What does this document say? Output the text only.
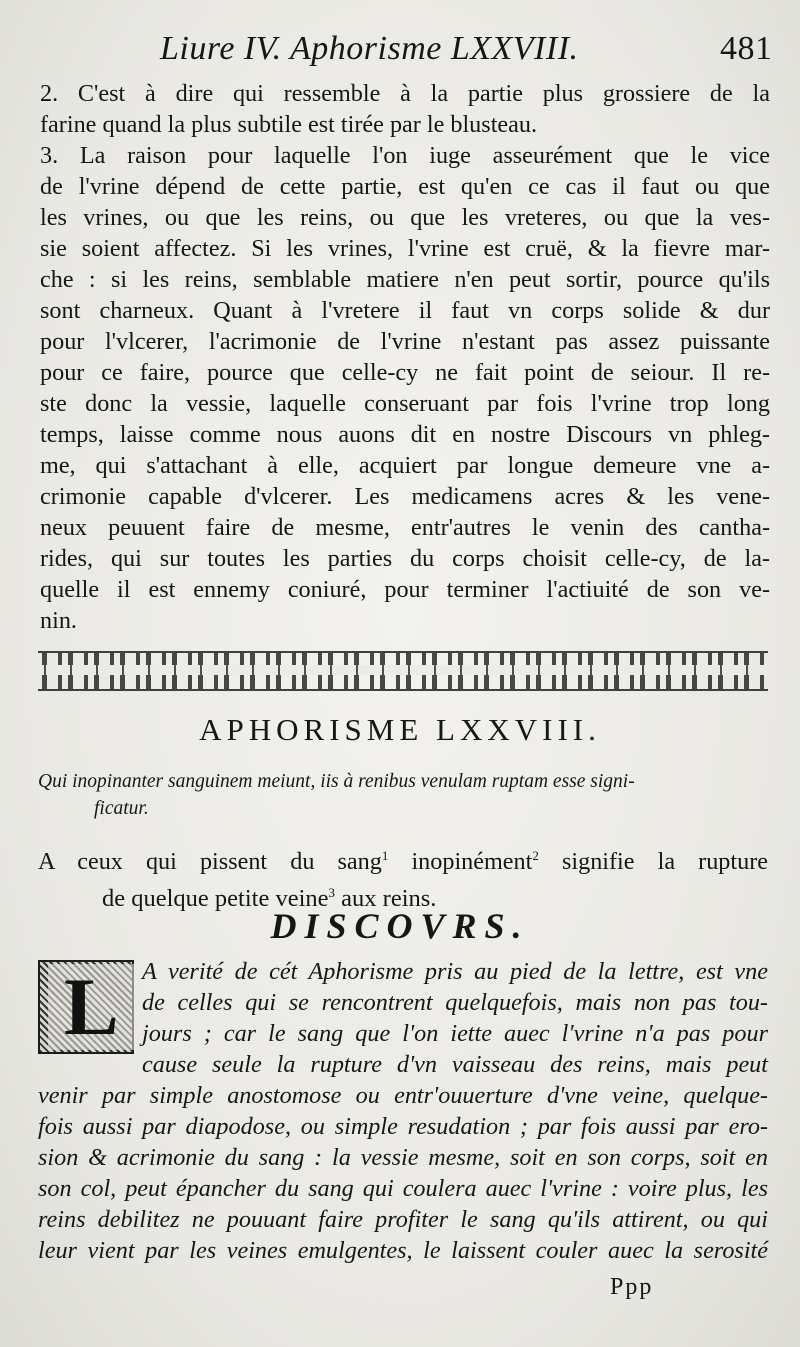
Liure IV. Aphorisme LXXVIII.	481
2. C'est à dire qui ressemble à la partie plus grossiere de la
farine quand la plus subtile est tirée par le blusteau.
3. La raison pour laquelle l'on iuge asseurément que le vice
de l'vrine dépend de cette partie, est qu'en ce cas il faut ou que
les vrines, ou que les reins, ou que les vreteres, ou que la ves-
sie soient affectez. Si les vrines, l'vrine est cruë, & la fievre mar-
che : si les reins, semblable matiere n'en peut sortir, pource qu'ils
sont charneux. Quant à l'vretere il faut vn corps solide & dur
pour l'vlcerer, l'acrimonie de l'vrine n'estant pas assez puissante
pour ce faire, pource que celle-cy ne fait point de seiour. Il re-
ste donc la vessie, laquelle conseruant par fois l'vrine trop long
temps, laisse comme nous auons dit en nostre Discours vn phleg-
me, qui s'attachant à elle, acquiert par longue demeure vne a-
crimonie capable d'vlcerer. Les medicamens acres & les vene-
neux peuuent faire de mesme, entr'autres le venin des cantha-
rides, qui sur toutes les parties du corps choisit celle-cy, de la-
quelle il est ennemy coniuré, pour terminer l'actiuité de son ve-
nin.
APHORISME LXXVIII.
Qui inopinanter sanguinem meiunt, iis à renibus venulam ruptam esse signi-
ficatur.
A ceux qui pissent du sang$^1$ inopinément$^2$ signifie la rupture
de quelque petite veine$^3$ aux reins.
DISCOVRS.
L A verité de cét Aphorisme pris au pied de la lettre, est vne
de celles qui se rencontrent quelquefois, mais non pas tou-
jours ; car le sang que l'on iette auec l'vrine n'a pas pour
cause seule la rupture d'vn vaisseau des reins, mais peut
venir par simple anostomose ou entr'ouuerture d'vne veine, quelque-
fois aussi par diapodose, ou simple resudation ; par fois aussi par ero-
sion & acrimonie du sang : la vessie mesme, soit en son corps, soit en
son col, peut épancher du sang qui coulera auec l'vrine : voire plus, les
reins debilitez ne pouuant faire profiter le sang qu'ils attirent, ou qui
leur vient par les veines emulgentes, le laissent couler auec la serosité
Ppp
